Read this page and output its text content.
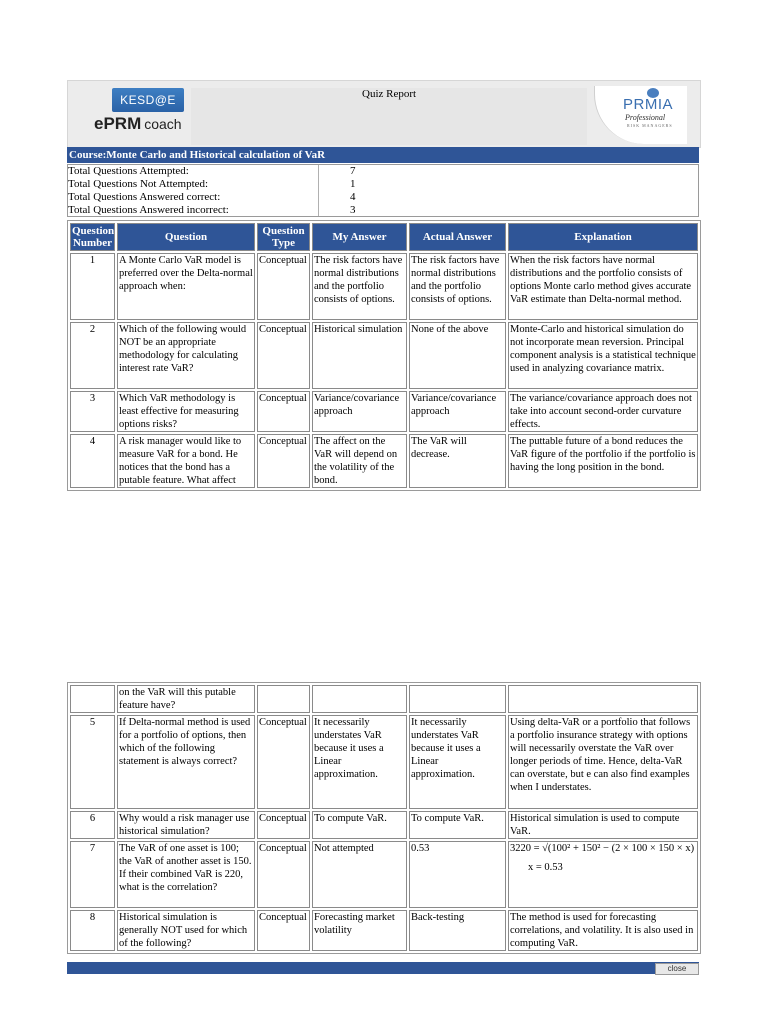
KESD@E
ePRM coach
Quiz Report
PRMIA
Professional
RISK MANAGERS
Course:Monte Carlo and Historical calculation of VaR
Total Questions Attempted:	7
Total Questions Not Attempted:	1
Total Questions Answered correct:	4
Total Questions Answered incorrect:	3
Question Number	Question	Question Type	My Answer	Actual Answer	Explanation
1	A Monte Carlo VaR model is preferred over the Delta-normal approach when:	Conceptual	The risk factors have normal distributions and the portfolio consists of options.	The risk factors have normal distributions and the portfolio consists of options.	When the risk factors have normal distributions and the portfolio consists of options Monte carlo method gives accurate VaR estimate than Delta-normal method.
2	Which of the following would NOT be an appropriate methodology for calculating interest rate VaR?	Conceptual	Historical simulation	None of the above	Monte-Carlo and historical simulation do not incorporate mean reversion. Principal component analysis is a statistical technique used in analyzing covariance matrix.
3	Which VaR methodology is least effective for measuring options risks?	Conceptual	Variance/covariance approach	Variance/covariance approach	The variance/covariance approach does not take into account second-order curvature effects.
4	A risk manager would like to measure VaR for a bond. He notices that the bond has a putable feature. What affect	Conceptual	The affect on the VaR will depend on the volatility of the bond.	The VaR will decrease.	The puttable future of a bond reduces the VaR figure of the portfolio if the portfolio is having the long position in the bond.
	on the VaR will this putable feature have?				
5	If Delta-normal method is used for a portfolio of options, then which of the following statement is always correct?	Conceptual	It necessarily understates VaR because it uses a Linear approximation.	It necessarily understates VaR because it uses a Linear approximation.	Using delta-VaR or a portfolio that follows a portfolio insurance strategy with options will necessarily overstate the VaR over longer periods of time. Hence, delta-VaR can overstate, but e can also find examples when I understates.
6	Why would a risk manager use historical simulation?	Conceptual	To compute VaR.	To compute VaR.	Historical simulation is used to compute VaR.
7	The VaR of one asset is 100; the VaR of another asset is 150. If their combined VaR is 220, what is the correlation?	Conceptual	Not attempted	0.53	3220 = √(100² + 150² − (2 × 100 × 150 × x)
x = 0.53

8	Historical simulation is generally NOT used for which of the following?	Conceptual	Forecasting market volatility	Back-testing	The method is used for forecasting correlations, and volatility. It is also used in computing VaR.
close
